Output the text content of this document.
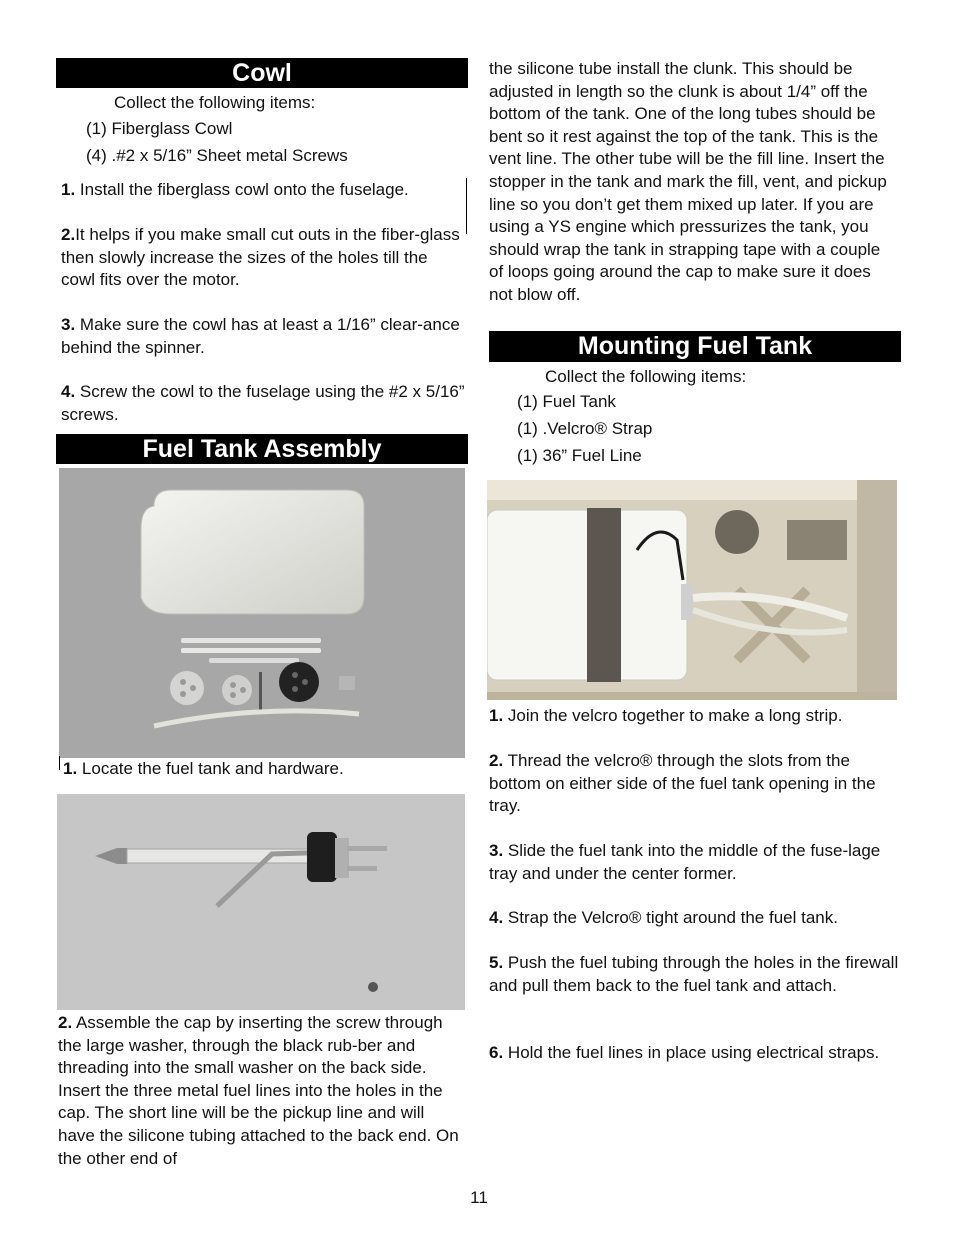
Cowl

Collect the following items:

(1) Fiberglass Cowl

(4) .#2 x 5/16” Sheet metal Screws

1. Install the fiberglass cowl onto the fuselage.

2.It helps if you make small cut outs in the fiber-glass then slowly increase the sizes of the holes till the cowl fits over the motor.

3. Make sure the cowl has at least a 1/16” clear-ance behind the spinner.

4. Screw the cowl to the fuselage using the #2 x 5/16” screws.

Fuel Tank Assembly

1. Locate the fuel tank and hardware.

2. Assemble the cap by inserting the screw through the large washer, through the black rub-ber and threading into the small washer on the back side. Insert the three metal fuel lines into the holes in the cap. The short line will be the pickup line and will have the silicone tubing attached to the back end. On the other end of

the silicone tube install the clunk. This should be adjusted in length so the clunk is about 1/4” off the bottom of the tank. One of the long tubes should be bent so it rest against the top of the tank. This is the vent line. The other tube will be the fill line. Insert the stopper in the tank and mark the fill, vent, and pickup line so you don’t get them mixed up later. If you are using a YS engine which pressurizes the tank, you should wrap the tank in strapping tape with a couple of loops going around the cap to make sure it does not blow off.

Mounting Fuel Tank

Collect the following items:

(1) Fuel Tank

(1) .Velcro® Strap

(1) 36” Fuel Line

1. Join the velcro together to make a long strip.

2. Thread the velcro® through the slots from the bottom on either side of the fuel tank opening in the tray.

3. Slide the fuel tank into the middle of the fuse-lage tray and under the center former.

4. Strap the Velcro® tight around the fuel tank.

5. Push the fuel tubing through the holes in the firewall and pull them back to the fuel tank and attach.

6. Hold the fuel lines in place using electrical straps.

11
